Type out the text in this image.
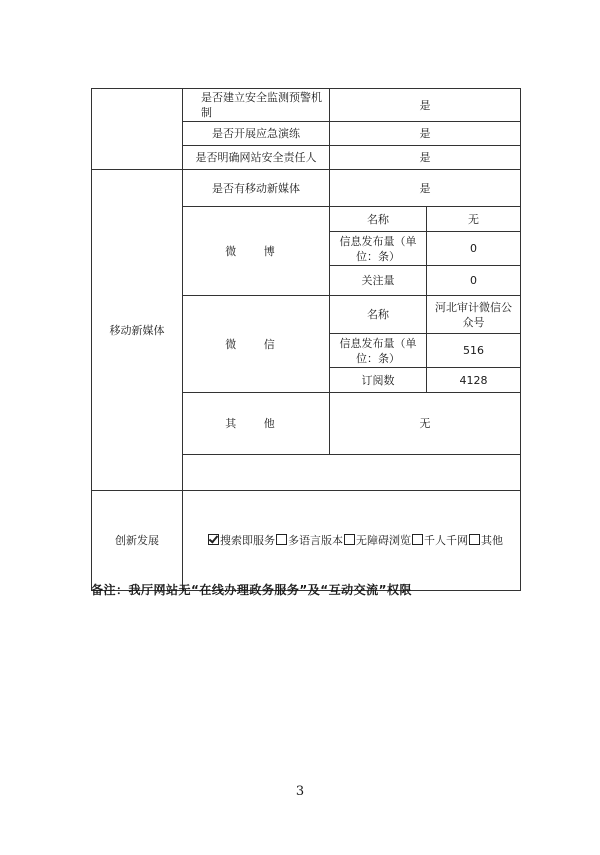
	是否建立安全监测预警机制	是	
	是否开展应急演练	是	
	是否明确网站安全责任人	是	
移动新媒体	是否有移动新媒体	是	
	微 博	名称	无
		信息发布量（单位：条）	0
		关注量	0
	微 信	名称	河北审计微信公众号
		信息发布量（单位：条）	516
		订阅数	4128
	其 他	无	

创新发展	搜索即服务 多语言版本 无障碍浏览 千人千网 其他		
备注：我厅网站无“在线办理政务服务”及“互动交流”权限
3
